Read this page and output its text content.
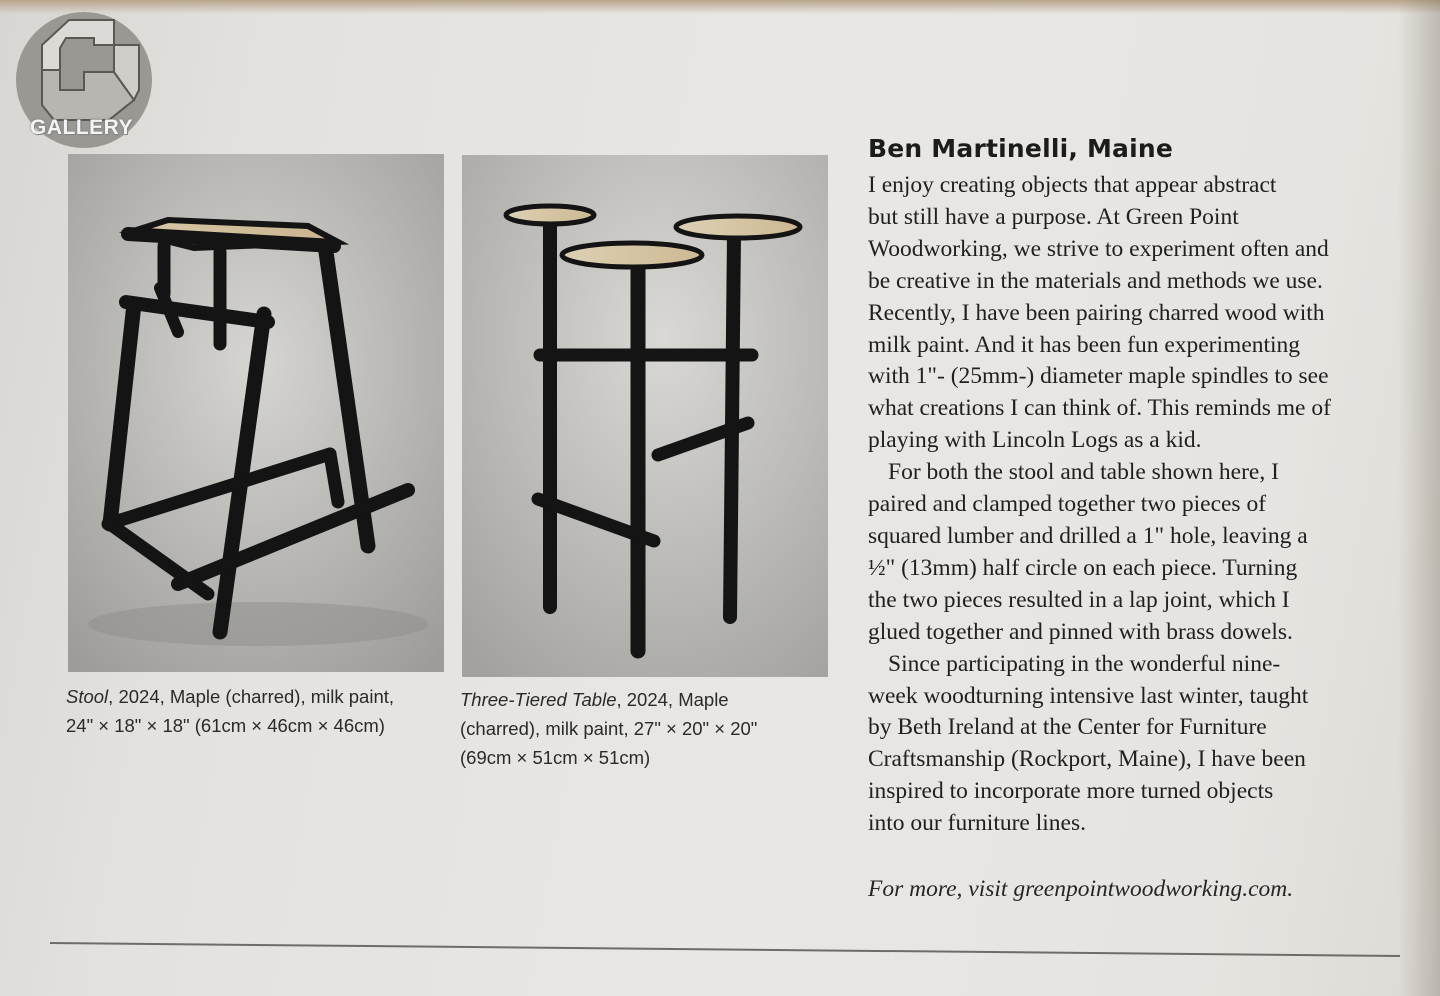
GALLERY
Stool, 2024, Maple (charred), milk paint,
24" × 18" × 18" (61cm × 46cm × 46cm)
Three-Tiered Table, 2024, Maple
(charred), milk paint, 27" × 20" × 20"
(69cm × 51cm × 51cm)
Ben Martinelli, Maine
I enjoy creating objects that appear abstract
but still have a purpose. At Green Point
Woodworking, we strive to experiment often and
be creative in the materials and methods we use.
Recently, I have been pairing charred wood with
milk paint. And it has been fun experimenting
with 1"- (25mm-) diameter maple spindles to see
what creations I can think of. This reminds me of
playing with Lincoln Logs as a kid.
For both the stool and table shown here, I
paired and clamped together two pieces of
squared lumber and drilled a 1" hole, leaving a
½" (13mm) half circle on each piece. Turning
the two pieces resulted in a lap joint, which I
glued together and pinned with brass dowels.
Since participating in the wonderful nine-
week woodturning intensive last winter, taught
by Beth Ireland at the Center for Furniture
Craftsmanship (Rockport, Maine), I have been
inspired to incorporate more turned objects
into our furniture lines.
For more, visit greenpointwoodworking.com.
